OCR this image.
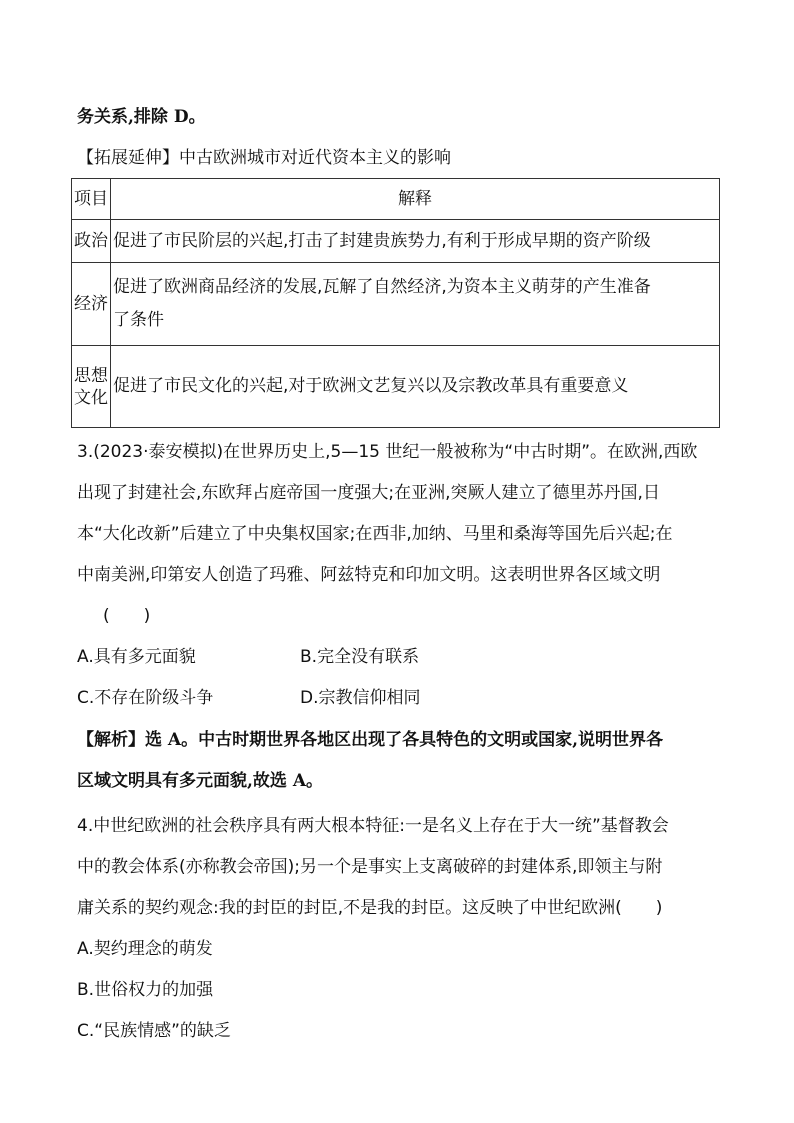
务关系,排除 D。
【拓展延伸】中古欧洲城市对近代资本主义的影响
项目	解释
政治	促进了市民阶层的兴起,打击了封建贵族势力,有利于形成早期的资产阶级
经济	促进了欧洲商品经济的发展,瓦解了自然经济,为资本主义萌芽的产生准备
了条件
思想
文化	促进了市民文化的兴起,对于欧洲文艺复兴以及宗教改革具有重要意义
3.(2023·泰安模拟)在世界历史上,5—15 世纪一般被称为“中古时期”。在欧洲,西欧
出现了封建社会,东欧拜占庭帝国一度强大;在亚洲,突厥人建立了德里苏丹国,日
本“大化改新”后建立了中央集权国家;在西非,加纳、马里和桑海等国先后兴起;在
中南美洲,印第安人创造了玛雅、阿兹特克和印加文明。这表明世界各区域文明
(　　)
A.具有多元面貌	B.完全没有联系
C.不存在阶级斗争	D.宗教信仰相同
【解析】选 A。中古时期世界各地区出现了各具特色的文明或国家,说明世界各
区域文明具有多元面貌,故选 A。
4.中世纪欧洲的社会秩序具有两大根本特征:一是名义上存在于大一统”基督教会
中的教会体系(亦称教会帝国);另一个是事实上支离破碎的封建体系,即领主与附
庸关系的契约观念:我的封臣的封臣,不是我的封臣。这反映了中世纪欧洲(　　)
A.契约理念的萌发
B.世俗权力的加强
C.“民族情感”的缺乏
